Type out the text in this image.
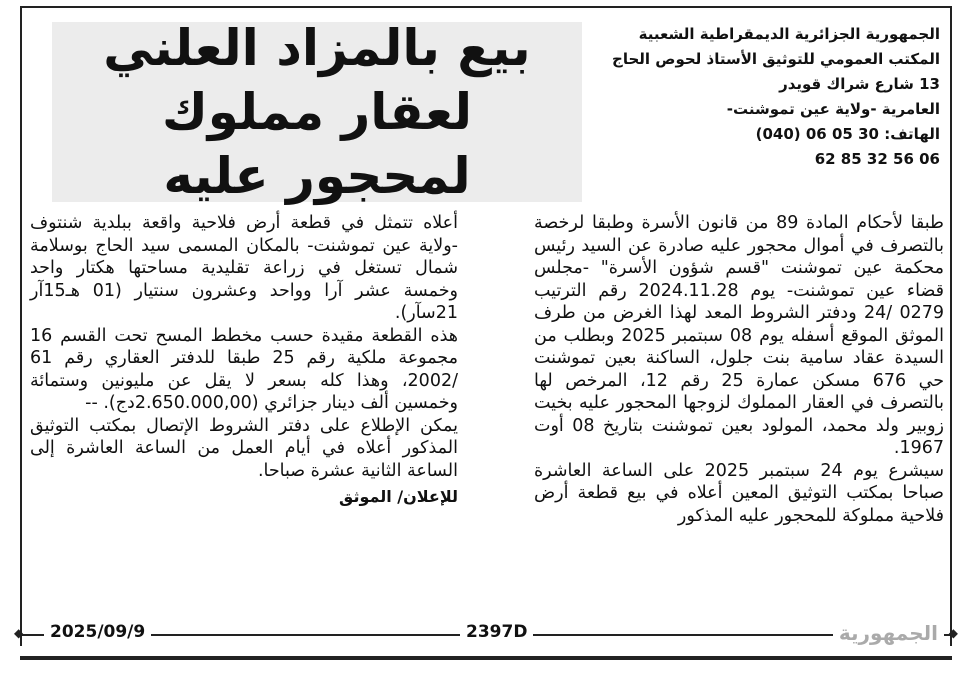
بيع بالمزاد العلني لعقار مملوك
لمحجور عليه
الجمهورية الجزائرية الديمقراطية الشعبية
المكتب العمومي للتوثيق الأستاذ لحوص الحاج
13 شارع شراك قويدر
العامرية -ولاية عين تموشنت-
الهاتف: 30 05 06 (040)
06 56 32 85 62

طبقا لأحكام المادة 89 من قانون الأسرة وطبقا لرخصة بالتصرف في أموال محجور عليه صادرة عن السيد رئيس محكمة عين تموشنت "قسم شؤون الأسرة" -مجلس قضاء عين تموشنت- يوم 2024.11.28 رقم الترتيب 0279 /24 ودفتر الشروط المعد لهذا الغرض من طرف الموثق الموقع أسفله يوم 08 سبتمبر 2025 وبطلب من السيدة عقاد سامية بنت جلول، الساكنة بعين تموشنت حي 676 مسكن عمارة 25 رقم 12، المرخص لها بالتصرف في العقار المملوك لزوجها المحجور عليه بخيت زوبير ولد محمد، المولود بعين تموشنت بتاريخ 08 أوت 1967.

سيشرع يوم 24 سبتمبر 2025 على الساعة العاشرة صباحا بمكتب التوثيق المعين أعلاه في بيع قطعة أرض فلاحية مملوكة للمحجور عليه المذكور

أعلاه تتمثل في قطعة أرض فلاحية واقعة ببلدية شنتوف -ولاية عين تموشنت- بالمكان المسمى سيد الحاج بوسلامة شمال تستغل في زراعة تقليدية مساحتها هكتار واحد وخمسة عشر آرا وواحد وعشرون سنتيار (01 هـ15آر 21سآر).

هذه القطعة مقيدة حسب مخطط المسح تحت القسم 16 مجموعة ملكية رقم 25 طبقا للدفتر العقاري رقم 61 /2002، وهذا كله بسعر لا يقل عن مليونين وستمائة وخمسين ألف دينار جزائري (2.650.000,00دج). --

يمكن الإطلاع على دفتر الشروط الإتصال بمكتب التوثيق المذكور أعلاه في أيام العمل من الساعة العاشرة إلى الساعة الثانية عشرة صباحا.

للإعلان/ الموثق
◆	◆
2025/09/9	2397D	الجمهورية
